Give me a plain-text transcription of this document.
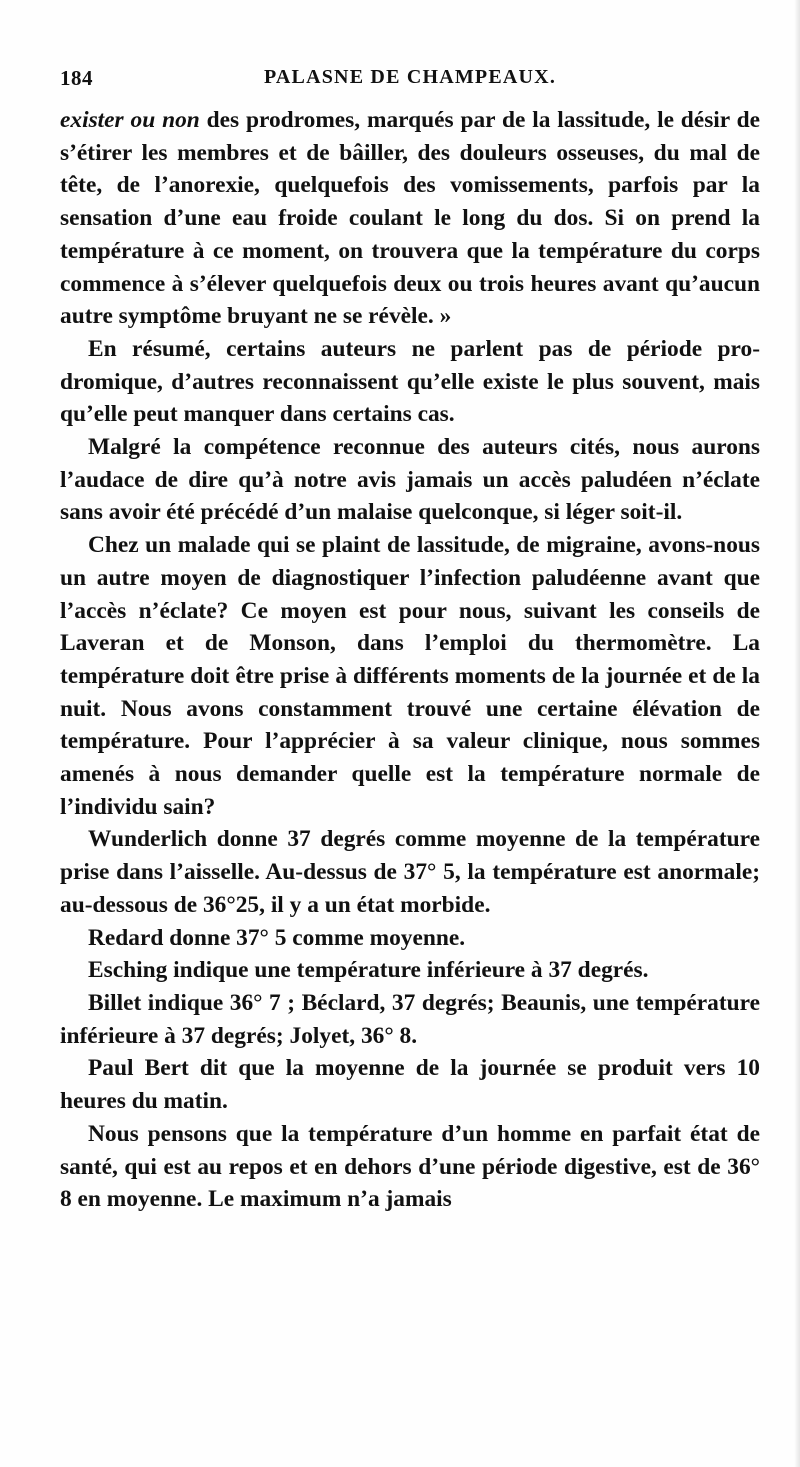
184	PALASNE DE CHAMPEAUX.

exister ou non des prodromes, marqués par de la lassitude, le désir de s’étirer les membres et de bâiller, des douleurs osseuses, du mal de tête, de l’anorexie, quelquefois des vomissements, parfois par la sensation d’une eau froide coulant le long du dos. Si on prend la température à ce moment, on trouvera que la température du corps commence à s’élever quelquefois deux ou trois heures avant qu’aucun autre symptôme bruyant ne se révèle. »

En résumé, certains auteurs ne parlent pas de période prodromique, d’autres reconnaissent qu’elle existe le plus souvent, mais qu’elle peut manquer dans certains cas.

Malgré la compétence reconnue des auteurs cités, nous aurons l’audace de dire qu’à notre avis jamais un accès paludéen n’éclate sans avoir été précédé d’un malaise quelconque, si léger soit-il.

Chez un malade qui se plaint de lassitude, de migraine, avons-nous un autre moyen de diagnostiquer l’infection paludéenne avant que l’accès n’éclate? Ce moyen est pour nous, suivant les conseils de Laveran et de Monson, dans l’emploi du thermomètre. La température doit être prise à différents moments de la journée et de la nuit. Nous avons constamment trouvé une certaine élévation de température. Pour l’apprécier à sa valeur clinique, nous sommes amenés à nous demander quelle est la température normale de l’individu sain?

Wunderlich donne 37 degrés comme moyenne de la température prise dans l’aisselle. Au-dessus de 37° 5, la température est anormale; au-dessous de 36°25, il y a un état morbide.

Redard donne 37° 5 comme moyenne.

Esching indique une température inférieure à 37 degrés.

Billet indique 36° 7 ; Béclard, 37 degrés; Beaunis, une température inférieure à 37 degrés; Jolyet, 36° 8.

Paul Bert dit que la moyenne de la journée se produit vers 10 heures du matin.

Nous pensons que la température d’un homme en parfait état de santé, qui est au repos et en dehors d’une période digestive, est de 36° 8 en moyenne. Le maximum n’a jamais
